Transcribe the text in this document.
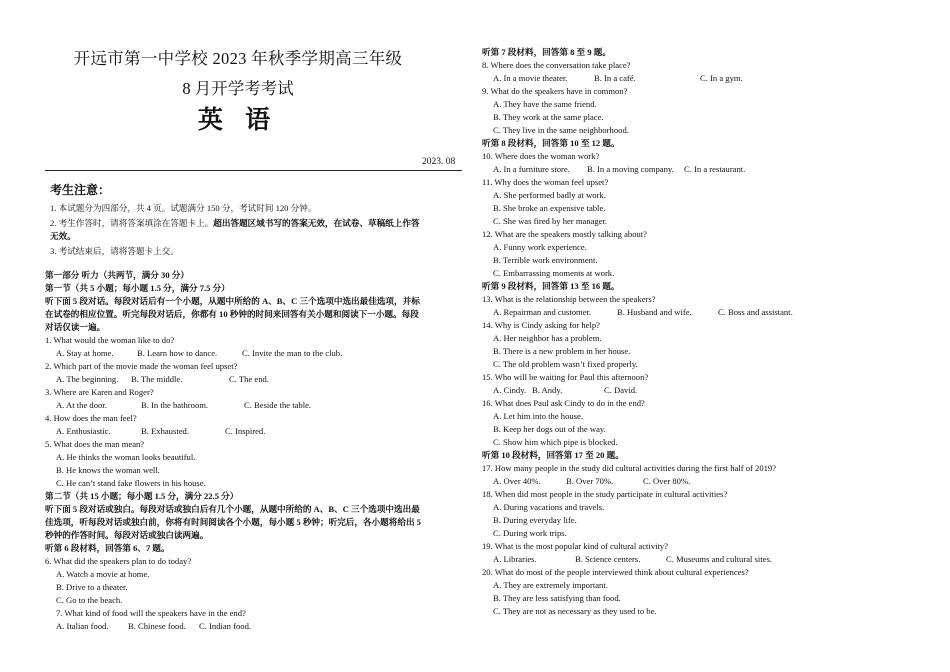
开远市第一中学校 2023 年秋季学期高三年级
8 月开学考考试
英 语
2023. 08
考生注意：
1. 本试题分为四部分，共 4 页。试题满分 150 分，考试时间 120 分钟。
2. 考生作答时，请将答案填涂在答题卡上。超出答题区域书写的答案无效，在试卷、草稿纸上作答
无效。
3. 考试结束后，请将答题卡上交。
第一部分 听力（共两节，满分 30 分）
第一节（共 5 小题；每小题 1.5 分，满分 7.5 分）
听下面 5 段对话。每段对话后有一个小题，从题中所给的 A、B、C 三个选项中选出最佳选项，并标
在试卷的相应位置。听完每段对话后，你都有 10 秒钟的时间来回答有关小题和阅读下一小题。每段
对话仅读一遍。
1. What would the woman like to do?
A. Stay at home.	B. Learn how to dance.	C. Invite the man to the club.
2. Which part of the movie made the woman feel upset?
A. The beginning. B. The middle.	C. The end.
3. Where are Karen and Roger?
A. At the door.	B. In the bathroom.	C. Beside the table.
4. How does the man feel?
A. Enthusiastic.	B. Exhausted.	C. Inspired.
5. What does the man mean?
A. He thinks the woman looks beautiful.
B. He knows the woman well.
C. He can’t stand fake flowers in his house.
第二节（共 15 小题；每小题 1.5 分，满分 22.5 分）
听下面 5 段对话或独白。每段对话或独白后有几个小题，从题中所给的 A、B、C 三个选项中选出最
佳选项，听每段对话或独白前，你将有时间阅读各个小题，每小题 5 秒钟；听完后，各小题将给出 5
秒钟的作答时间。每段对话或独白读两遍。
听第 6 段材料，回答第 6、7 题。
6. What did the speakers plan to do today?
A. Watch a movie at home.
B. Drive to a theater.
C. Go to the beach.
7. What kind of food will the speakers have in the end?
A. Italian food. B. Chinese food. C. Indian food.
听第 7 段材料，回答第 8 至 9 题。
8. Where does the conversation take place?
A. In a movie theater.	B. In a café.	C. In a gym.
9. What do the speakers have in common?
A. They have the same friend.
B. They work at the same place.
C. They live in the same neighborhood.
听第 8 段材料，回答第 10 至 12 题。
10. Where does the woman work?
A. In a furniture store. B. In a moving company. C. In a restaurant.
11. Why does the woman feel upset?
A. She performed badly at work.
B. She broke an expensive table.
C. She was fired by her manager.
12. What are the speakers mostly talking about?
A. Funny work experience.
B. Terrible work environment.
C. Embarrassing moments at work.
听第 9 段材料，回答第 13 至 16 题。
13. What is the relationship between the speakers?
A. Repairman and customer.	B. Husband and wife.	C. Boss and assistant.
14. Why is Cindy asking for help?
A. Her neighbor has a problem.
B. There is a new problem in her house.
C. The old problem wasn’t fixed properly.
15. Who will be waiting for Paul this afternoon?
A. Cindy. B. Andy.	C. David.
16. What does Paul ask Cindy to do in the end?
A. Let him into the house.
B. Keep her dogs out of the way.
C. Show him which pipe is blocked.
听第 10 段材料，回答第 17 至 20 题。
17. How many people in the study did cultural activities during the first half of 2019?
A. Over 40%.	B. Over 70%.	C. Over 80%.
18. When did most people in the study participate in cultural activities?
A. During vacations and travels.
B. During everyday life.
C. During work trips.
19. What is the most popular kind of cultural activity?
A. Libraries.	B. Science centers.	C. Museums and cultural sites.
20. What do most of the people interviewed think about cultural experiences?
A. They are extremely important.
B. They are less satisfying than food.
C. They are not as necessary as they used to be.
